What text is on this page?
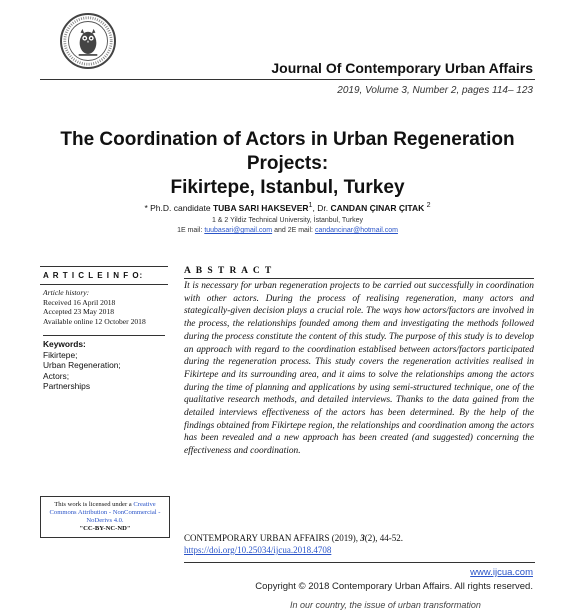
Journal Of Contemporary Urban Affairs
2019, Volume 3, Number 2, pages 114– 123
The Coordination of Actors in Urban Regeneration
Projects:
Fikirtepe, Istanbul, Turkey
* Ph.D. candidate TUBA SARI HAKSEVER$^1$, Dr. CANDAN ÇINAR ÇITAK $^2$
1 & 2 Yildiz Technical University, İstanbul, Turkey
1E mail: tuubasari@gmail.com and 2E mail: candancinar@hotmail.com
A R T I C L E I N F O:
Article history:
Received 16 April 2018
Accepted 23 May 2018
Available online 12 October 2018
Keywords:
Fikirtepe;
Urban Regeneration;
Actors;
Partnerships
This work is licensed under a Creative Commons Attribution - NonCommercial - NoDerivs 4.0.
"CC-BY-NC-ND"
A B S T R A C T
It is necessary for urban regeneration projects to be carried out successfully in coordination with other actors. During the process of realising regeneration, many actors and stategically-given decision plays a crucial role. The ways how actors/factors are involved in the process, the relationships founded among them and investigating the methods followed during the process constitute the content of this study. The purpose of this study is to develop an approach with regard to the coordination establised between actors/factors participated during the regeneration process. This study covers the regeneration activities realised in Fikirtepe and its surrounding area, and it aims to solve the relationships among the actors during the time of planning and applications by using semi-structured technique, one of the qualitative research methods, and detailed interviews. Thanks to the data gained from the detailed interviews effectiveness of the actors has been determined. By the help of the findings obtained from Fikirtepe region, the relationships and coordination among the actors has been revealed and a new approach has been created (and suggested) concerning the effectiveness and coordination.
CONTEMPORARY URBAN AFFAIRS (2019), 3(2), 44-52.
https://doi.org/10.25034/ijcua.2018.4708
www.ijcua.com
Copyright © 2018 Contemporary Urban Affairs. All rights reserved.
In our country, the issue of urban transformation
